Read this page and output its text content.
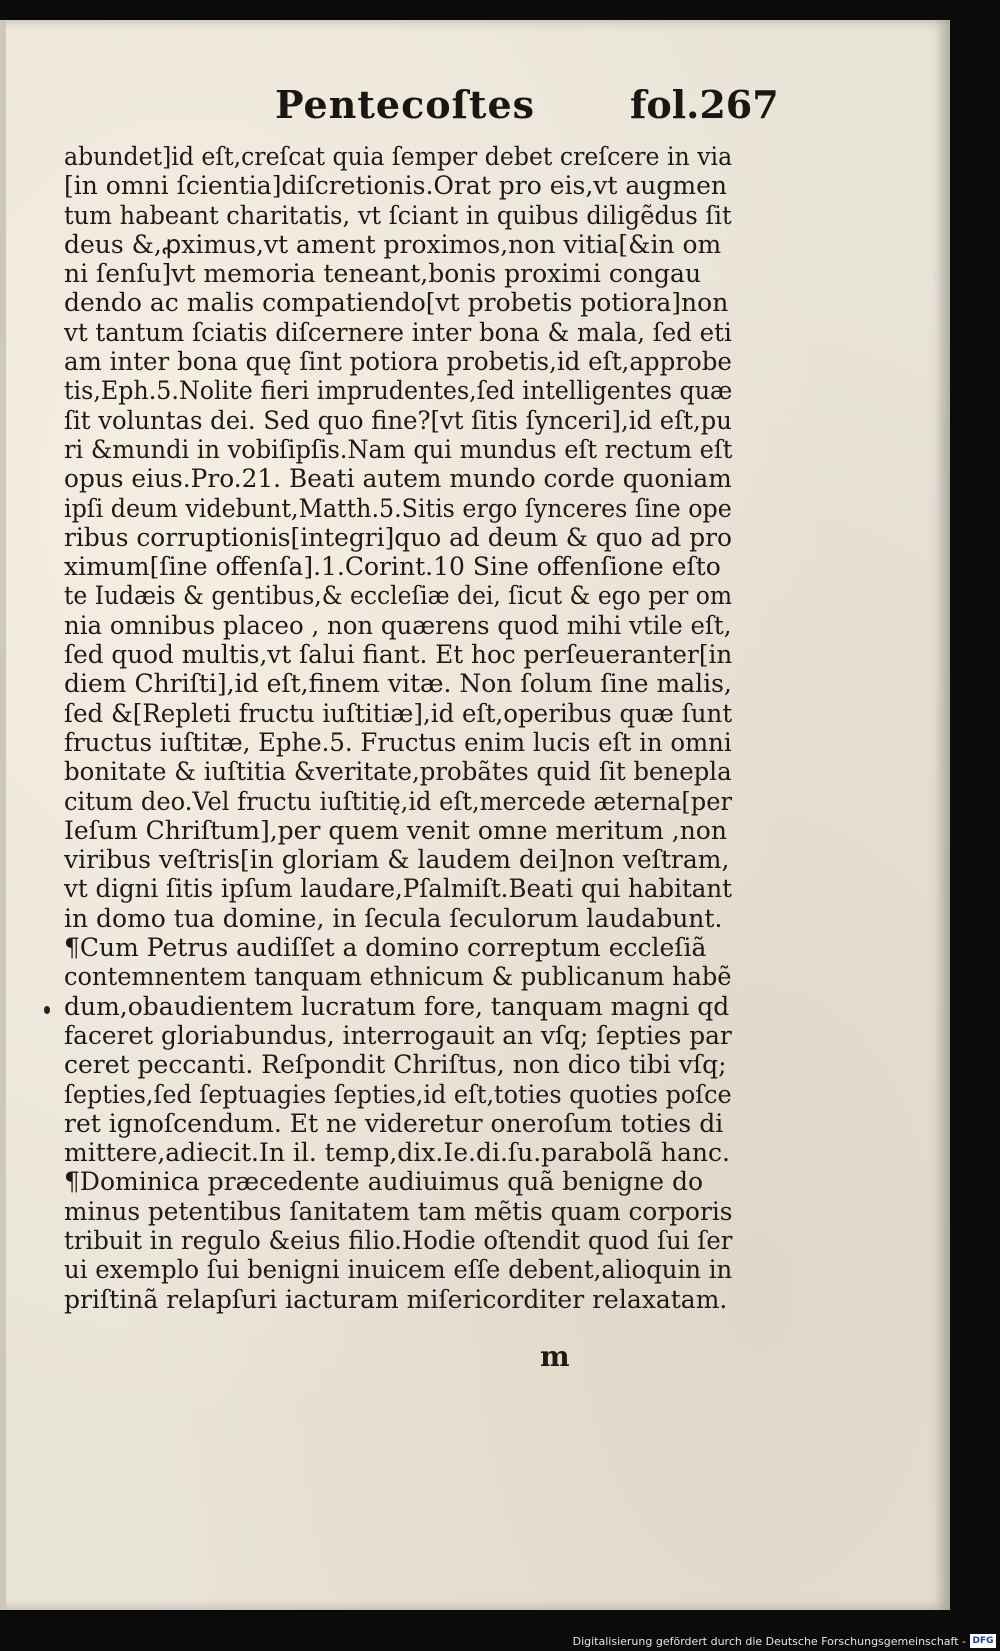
Pentecoſtes fol.267
abundet]id eſt,creſcat quia ſemper debet creſcere in via
[in omni ſcientia]diſcretionis.Orat pro eis,vt augmen
tum habeant charitatis, vt ſciant in quibus diligẽdus ſit
deus &,ꝓximus,vt ament proximos,non vitia[&in om
ni ſenſu]vt memoria teneant,bonis proximi congau
dendo ac malis compatiendo[vt probetis potiora]non
vt tantum ſciatis diſcernere inter bona & mala, ſed eti
am inter bona quę ſint potiora probetis,id eſt,approbe
tis,Eph.5.Nolite fieri imprudentes,ſed intelligentes quæ
ſit voluntas dei. Sed quo fine?[vt ſitis ſynceri],id eſt,pu
ri &mundi in vobiſipſis.Nam qui mundus eſt rectum eſt
opus eius.Pro.21. Beati autem mundo corde quoniam
ipſi deum videbunt,Matth.5.Sitis ergo ſynceres ſine ope
ribus corruptionis[integri]quo ad deum & quo ad pro
ximum[ſine offenſa].1.Corint.10 Sine offenſione eſto
te Iudæis & gentibus,& eccleſiæ dei, ſicut & ego per om
nia omnibus placeo , non quærens quod mihi vtile eſt,
ſed quod multis,vt ſalui fiant. Et hoc perſeueranter[in
diem Chriſti],id eſt,finem vitæ. Non ſolum ſine malis,
ſed &[Repleti fructu iuſtitiæ],id eſt,operibus quæ ſunt
fructus iuſtitæ, Ephe.5. Fructus enim lucis eſt in omni
bonitate & iuſtitia &veritate,probãtes quid ſit benepla
citum deo.Vel fructu iuſtitię,id eſt,mercede æterna[per
Ieſum Chriſtum],per quem venit omne meritum ,non
viribus veſtris[in gloriam & laudem dei]non veſtram,
vt digni ſitis ipſum laudare,Pſalmiſt.Beati qui habitant
in domo tua domine, in ſecula ſeculorum laudabunt.
¶Cum Petrus audiſſet a domino correptum eccleſiã
contemnentem tanquam ethnicum & publicanum habẽ
dum,obaudientem lucratum fore, tanquam magni qd
faceret gloriabundus, interrogauit an vſq; ſepties par
ceret peccanti. Reſpondit Chriſtus, non dico tibi vſq;
ſepties,ſed ſeptuagies ſepties,id eſt,toties quoties poſce
ret ignoſcendum. Et ne videretur oneroſum toties di
mittere,adiecit.In il. temp,dix.Ie.di.ſu.parabolã hanc.
¶Dominica præcedente audiuimus quã benigne do
minus petentibus ſanitatem tam mẽtis quam corporis
tribuit in regulo &eius filio.Hodie oſtendit quod ſui ſer
ui exemplo ſui benigni inuicem eſſe debent,alioquin in
priſtinã relapſuri iacturam miſericorditer relaxatam.
m
Digitalisierung gefördert durch die Deutsche Forschungsgemeinschaft - DFG
